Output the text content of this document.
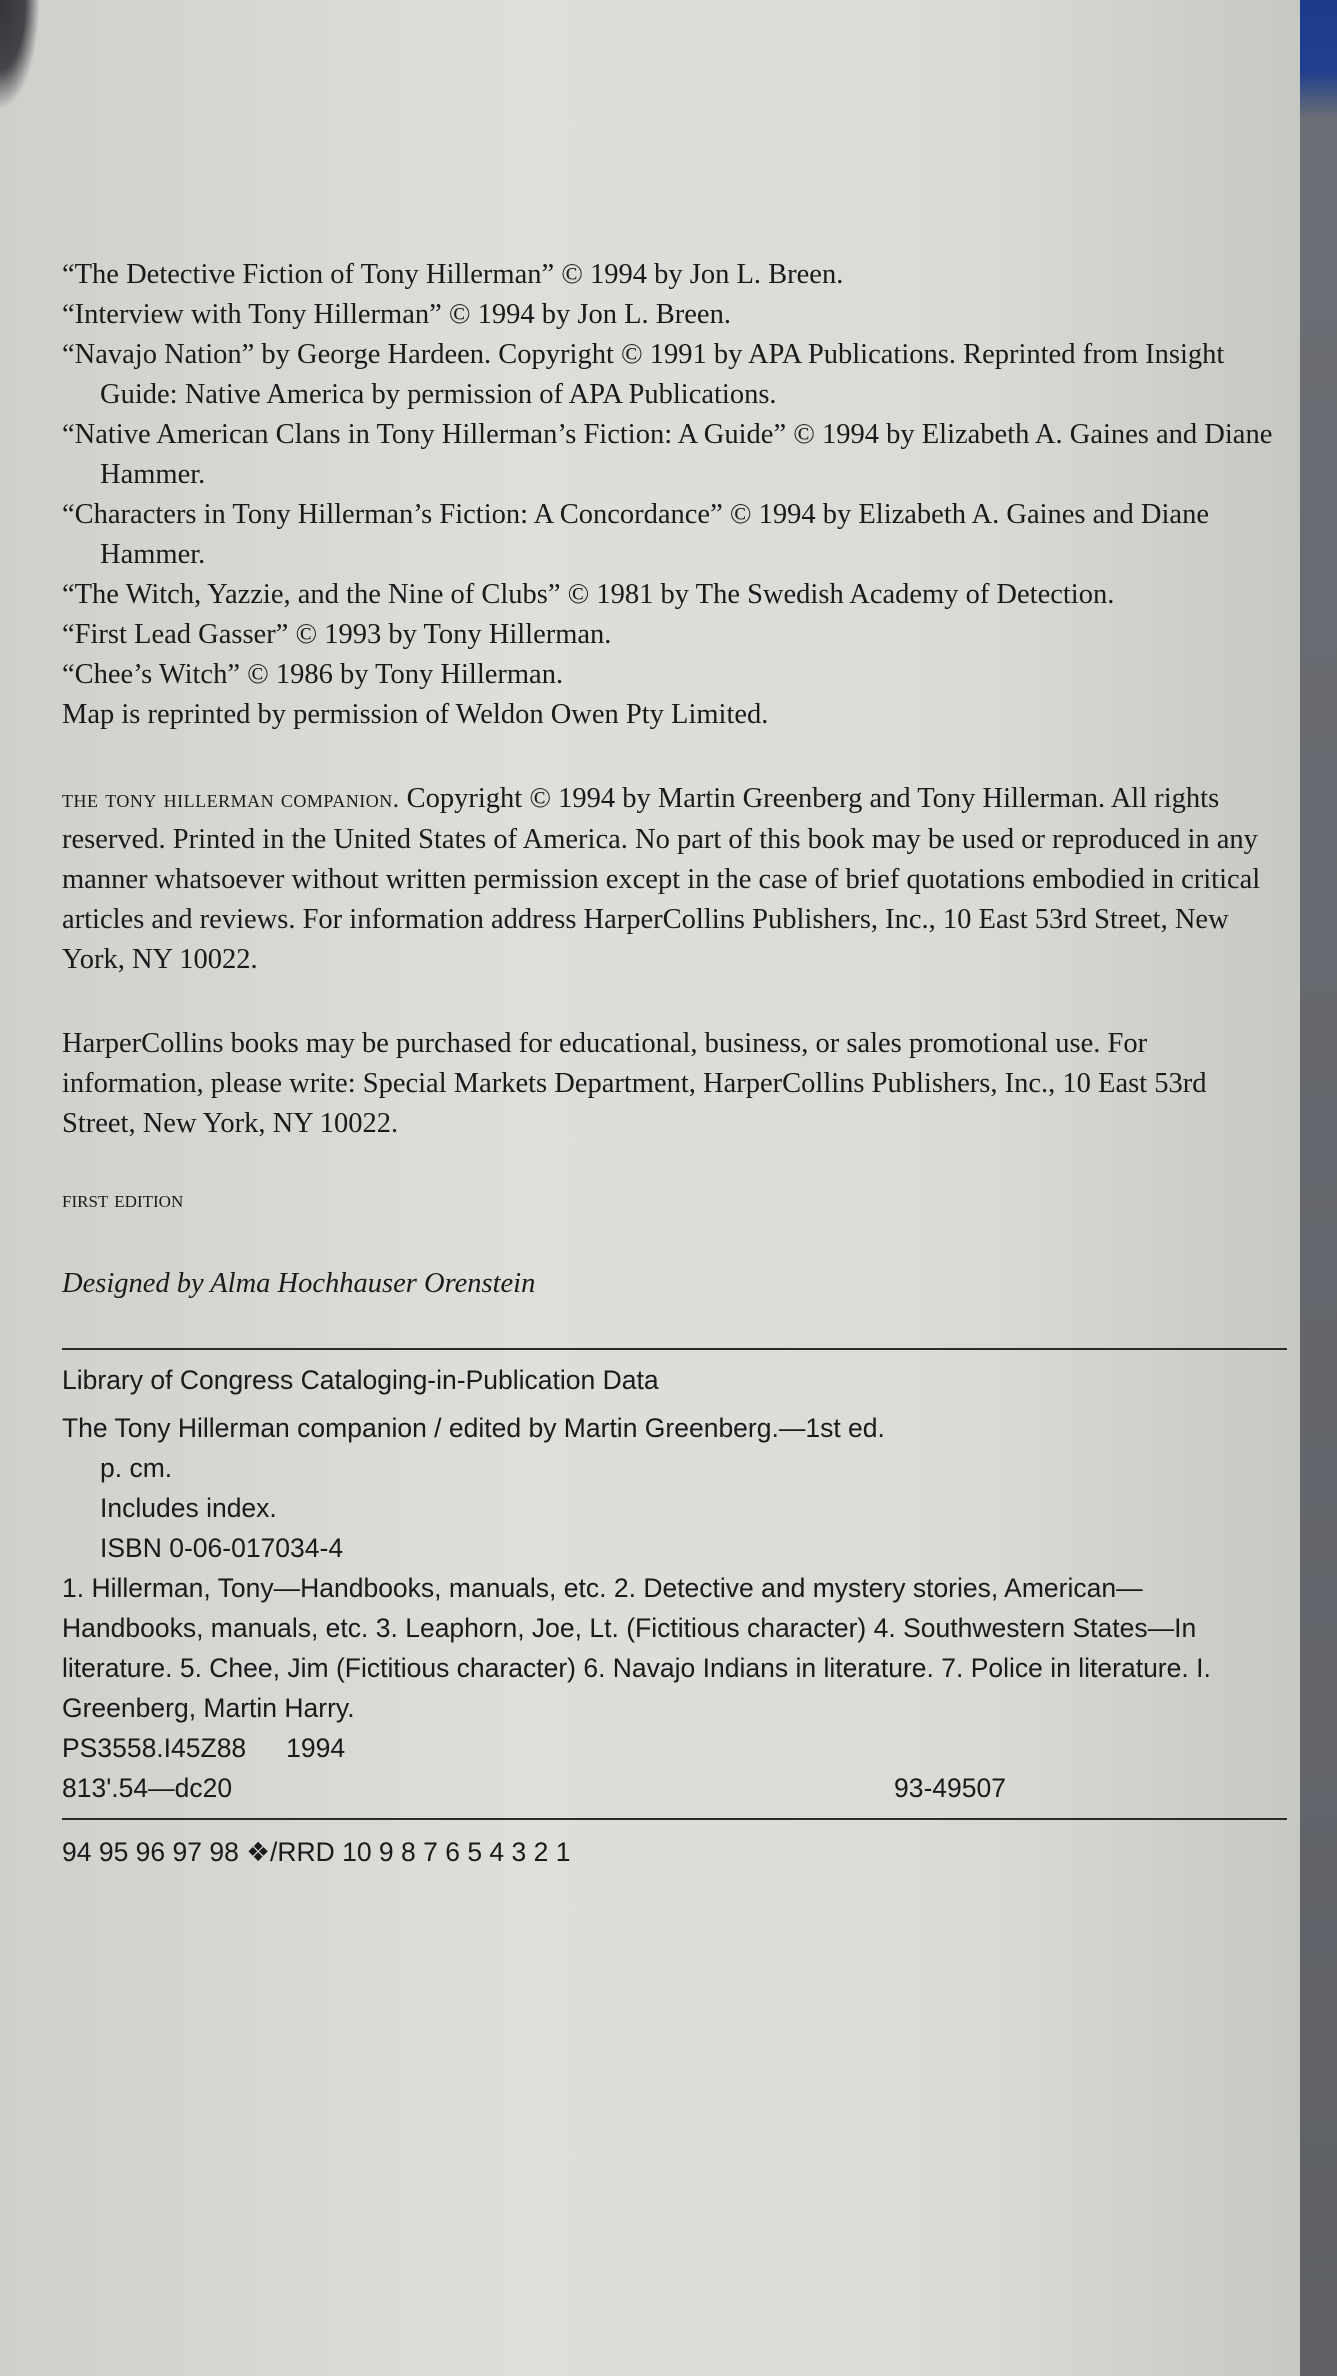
“The Detective Fiction of Tony Hillerman” © 1994 by Jon L. Breen.

“Interview with Tony Hillerman” © 1994 by Jon L. Breen.

“Navajo Nation” by George Hardeen. Copyright © 1991 by APA Publications. Reprinted from Insight Guide: Native America by permission of APA Publications.

“Native American Clans in Tony Hillerman’s Fiction: A Guide” © 1994 by Elizabeth A. Gaines and Diane Hammer.

“Characters in Tony Hillerman’s Fiction: A Concordance” © 1994 by Elizabeth A. Gaines and Diane Hammer.

“The Witch, Yazzie, and the Nine of Clubs” © 1981 by The Swedish Academy of Detection.

“First Lead Gasser” © 1993 by Tony Hillerman.

“Chee’s Witch” © 1986 by Tony Hillerman.

Map is reprinted by permission of Weldon Owen Pty Limited.

the tony hillerman companion. Copyright © 1994 by Martin Greenberg and Tony Hillerman. All rights reserved. Printed in the United States of America. No part of this book may be used or reproduced in any manner whatsoever without written permission except in the case of brief quotations embodied in critical articles and reviews. For information address HarperCollins Publishers, Inc., 10 East 53rd Street, New York, NY 10022.

HarperCollins books may be purchased for educational, business, or sales promotional use. For information, please write: Special Markets Department, HarperCollins Publishers, Inc., 10 East 53rd Street, New York, NY 10022.

first edition

Designed by Alma Hochhauser Orenstein

Library of Congress Cataloging-in-Publication Data

The Tony Hillerman companion / edited by Martin Greenberg.—1st ed.

p. cm.

Includes index.

ISBN 0-06-017034-4

1. Hillerman, Tony—Handbooks, manuals, etc. 2. Detective and mystery stories, American—Handbooks, manuals, etc. 3. Leaphorn, Joe, Lt. (Fictitious character) 4. Southwestern States—In literature. 5. Chee, Jim (Fictitious character) 6. Navajo Indians in literature. 7. Police in literature. I. Greenberg, Martin Harry.

PS3558.I45Z88 1994
813'.54—dc20	93-49507

94 95 96 97 98 ❖/RRD 10 9 8 7 6 5 4 3 2 1
